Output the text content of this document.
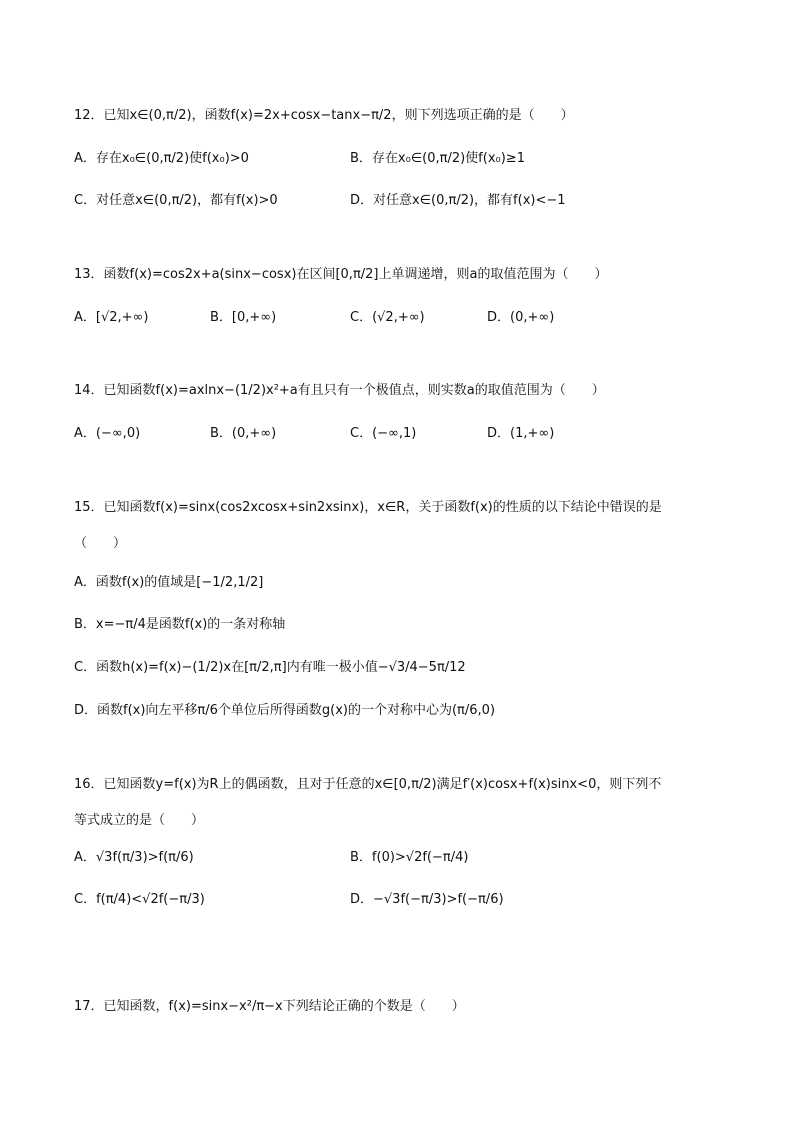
12．已知x∈(0,π/2)，函数f(x)=2x+cosx−tanx−π/2，则下列选项正确的是（　　）
A．存在x₀∈(0,π/2)使f(x₀)>0	B．存在x₀∈(0,π/2)使f(x₀)≥1
C．对任意x∈(0,π/2)，都有f(x)>0	D．对任意x∈(0,π/2)，都有f(x)<−1
13．函数f(x)=cos2x+a(sinx−cosx)在区间[0,π/2]上单调递增，则a的取值范围为（　　）
A．[√2,+∞)	B．[0,+∞)	C．(√2,+∞)	D．(0,+∞)
14．已知函数f(x)=axlnx−(1/2)x²+a有且只有一个极值点，则实数a的取值范围为（　　）
A．(−∞,0)	B．(0,+∞)	C．(−∞,1)	D．(1,+∞)
15．已知函数f(x)=sinx(cos2xcosx+sin2xsinx)，x∈R，关于函数f(x)的性质的以下结论中错误的是
（　　）
A．函数f(x)的值域是[−1/2,1/2]
B．x=−π/4是函数f(x)的一条对称轴
C．函数h(x)=f(x)−(1/2)x在[π/2,π]内有唯一极小值−√3/4−5π/12
D．函数f(x)向左平移π/6个单位后所得函数g(x)的一个对称中心为(π/6,0)
16．已知函数y=f(x)为R上的偶函数，且对于任意的x∈[0,π/2)满足f′(x)cosx+f(x)sinx<0，则下列不
等式成立的是（　　）
A．√3f(π/3)>f(π/6)	B．f(0)>√2f(−π/4)
C．f(π/4)<√2f(−π/3)	D．−√3f(−π/3)>f(−π/6)
17．已知函数，f(x)=sinx−x²/π−x下列结论正确的个数是（　　）
